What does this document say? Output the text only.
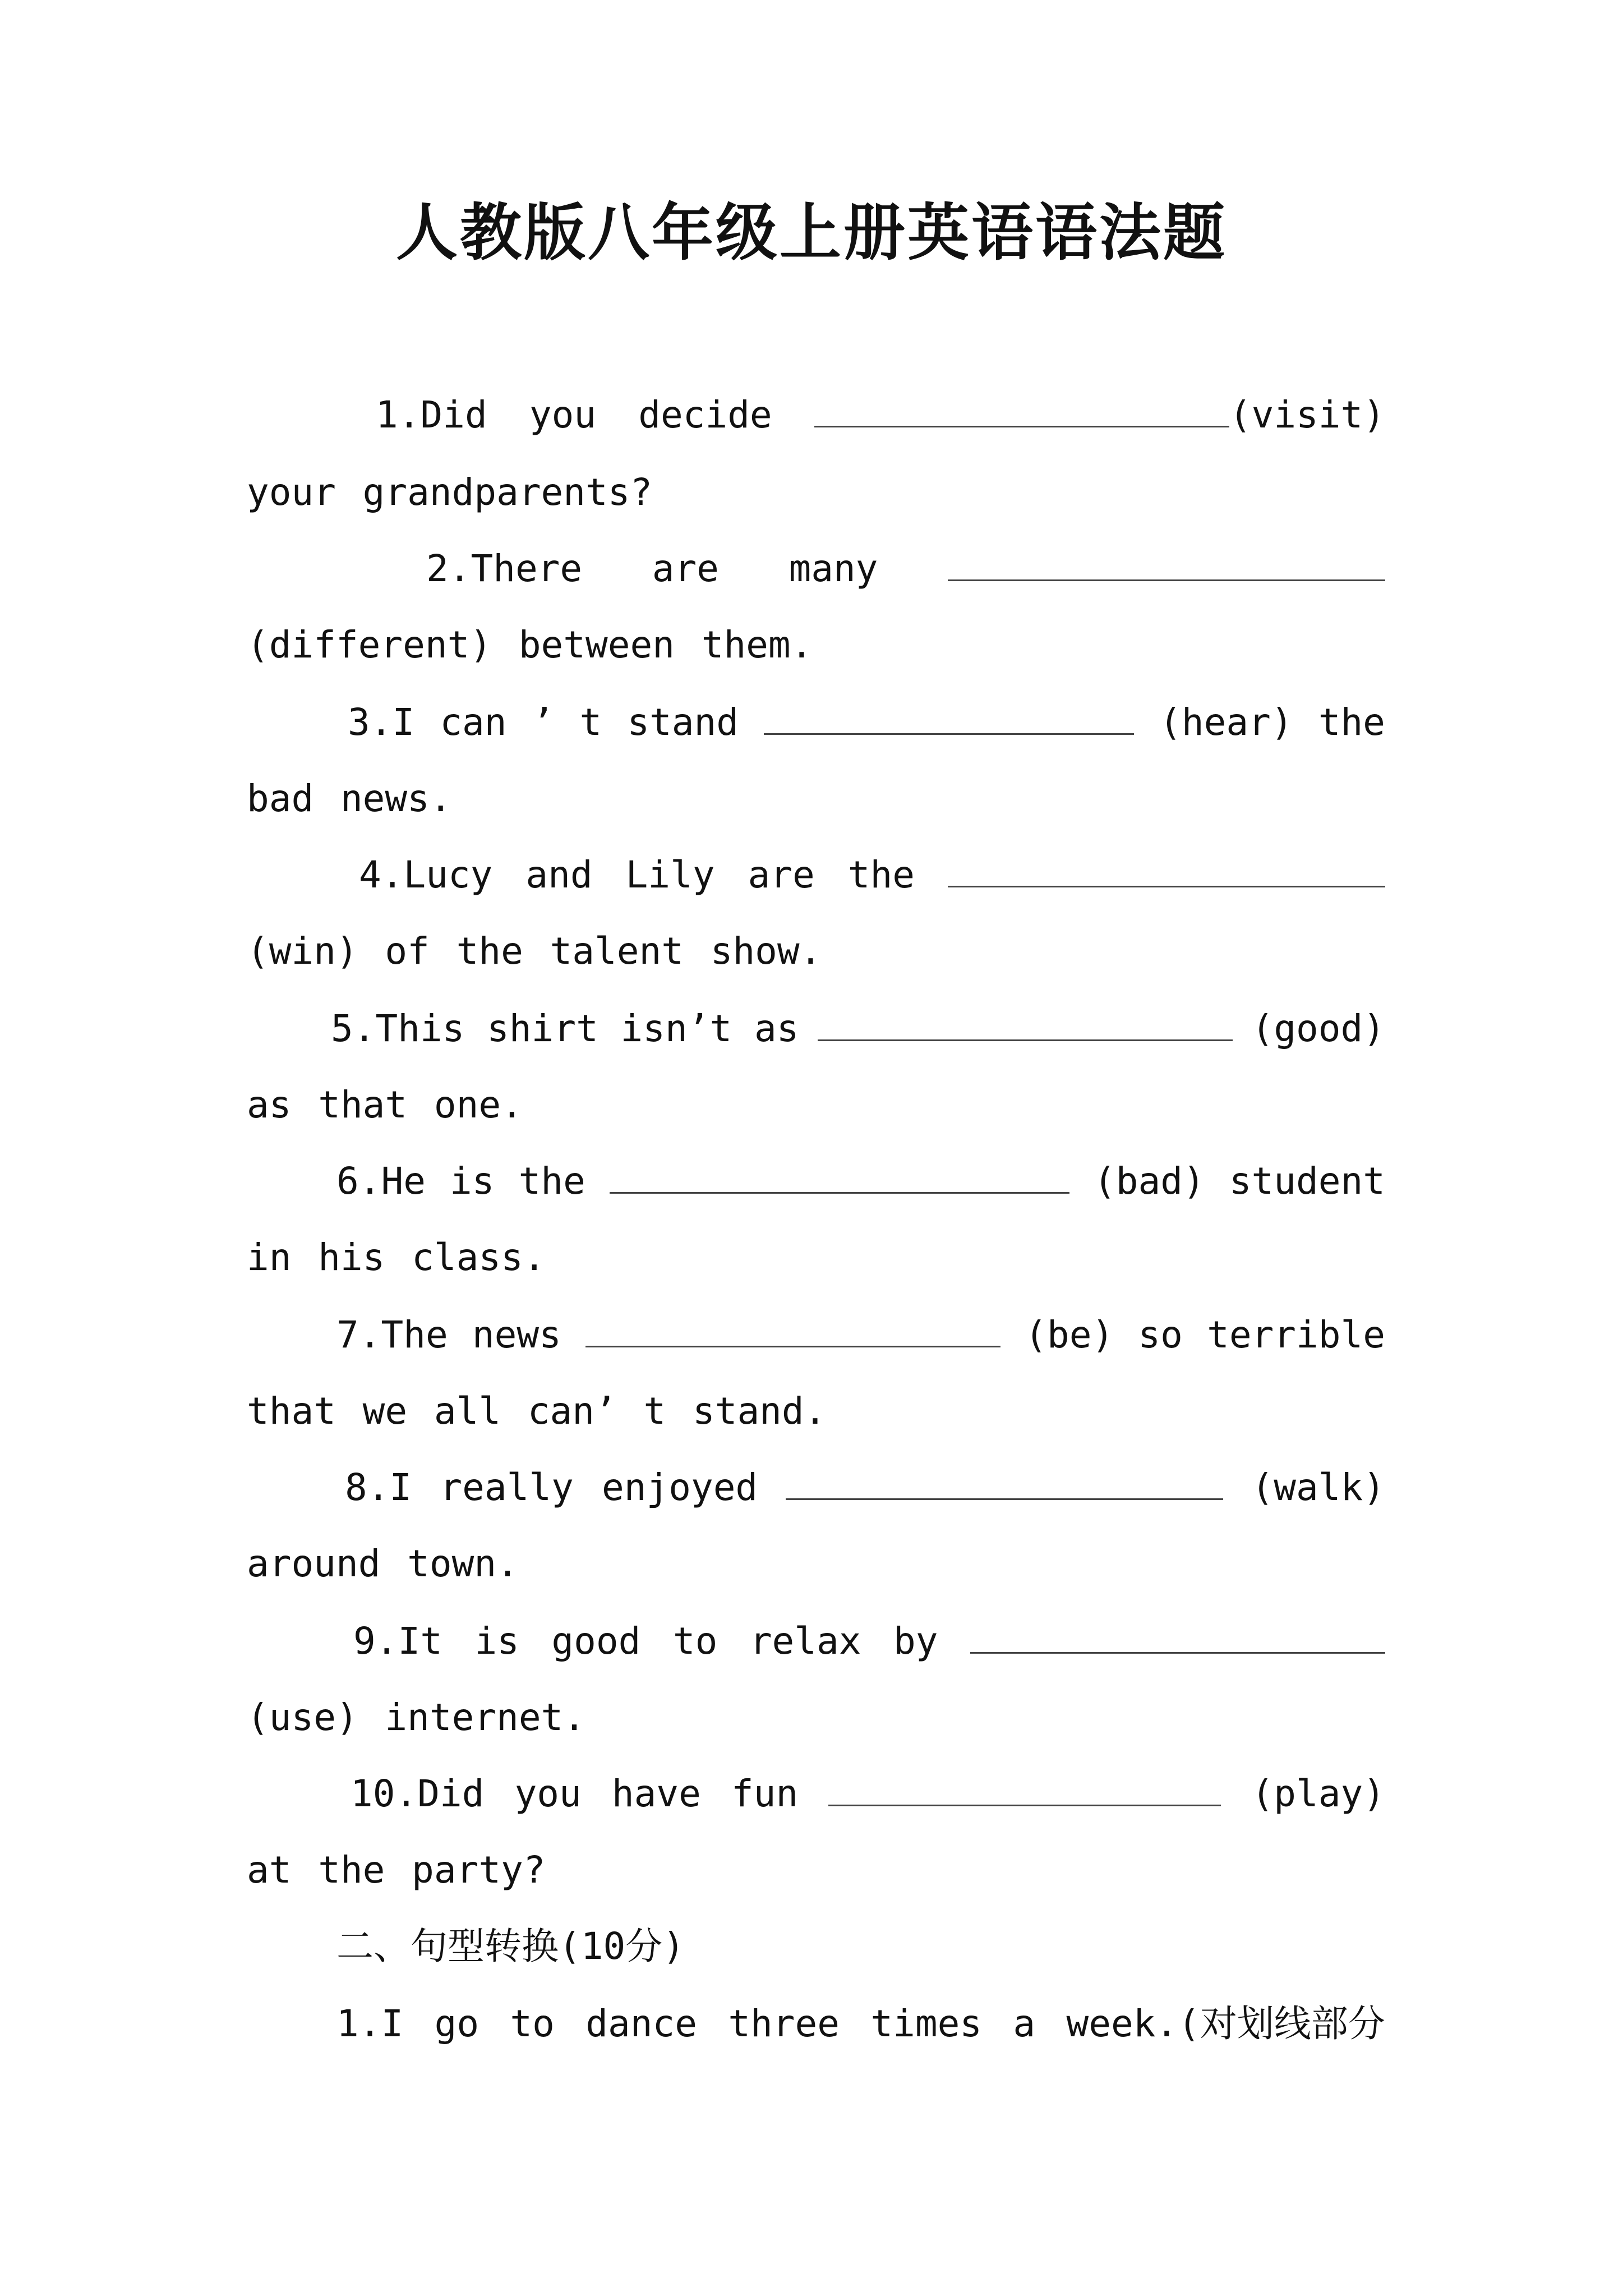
人教版八年级上册英语语法题
1.Did you decide	(visit)
your grandparents?
2.There are many
(different) between them.
3.I can ’ t stand	(hear) the
bad news.
4.Lucy and Lily are the
(win) of the talent show.
5.This shirt isn’t as	(good)
as that one.
6.He is the	(bad) student
in his class.
7.The news	(be) so terrible
that we all can’ t stand.
8.I really enjoyed	(walk)
around town.
9.It is good to relax by
(use) internet.
10.Did you have fun	(play)
at the party?
二、句型转换(10分)
1.I go to dance three times a week.(对划线部分
